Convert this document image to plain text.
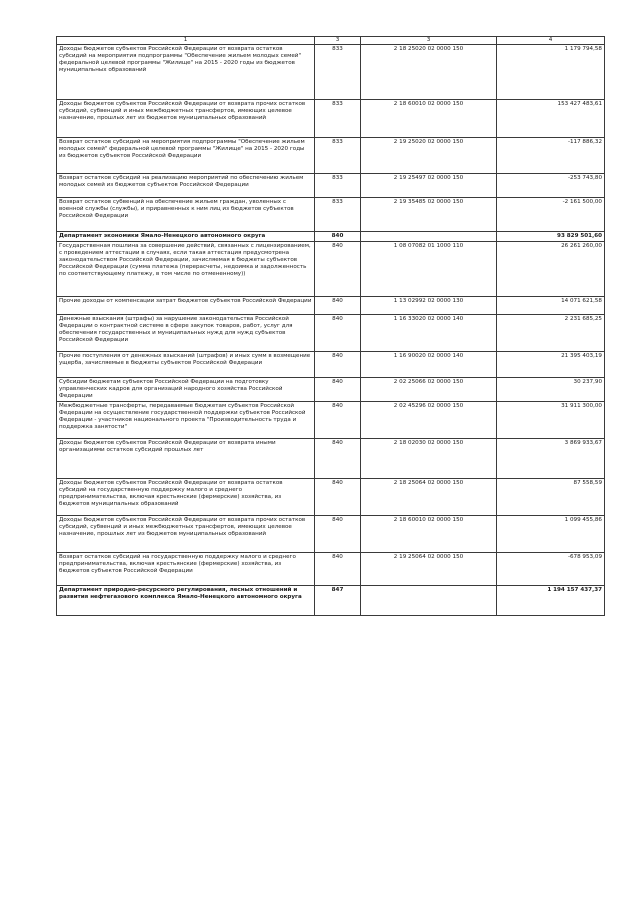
1	3	3	4
Доходы бюджетов субъектов Российской Федерации от возврата остатков субсидий на мероприятия подпрограммы "Обеспечение жильем молодых семей" федеральной целевой программы "Жилище" на 2015 - 2020 годы из бюджетов муниципальных образований	833	2 18 25020 02 0000 150	1 179 794,58
Доходы бюджетов субъектов Российской Федерации от возврата прочих остатков субсидий, субвенций и иных межбюджетных трансфертов, имеющих целевое назначение, прошлых лет из бюджетов муниципальных образований	833	2 18 60010 02 0000 150	153 427 483,61
Возврат остатков субсидий на мероприятия подпрограммы "Обеспечение жильем молодых семей" федеральной целевой программы "Жилище" на 2015 - 2020 годы из бюджетов субъектов Российской Федерации	833	2 19 25020 02 0000 150	-117 886,32
Возврат остатков субсидий на реализацию мероприятий по обеспечению жильем молодых семей из бюджетов субъектов Российской Федерации	833	2 19 25497 02 0000 150	-253 743,80
Возврат остатков субвенций на обеспечение жильем граждан, уволенных с военной службы (службы), и приравненных к ним лиц из бюджетов субъектов Российской Федерации	833	2 19 35485 02 0000 150	-2 161 500,00
Департамент экономики Ямало-Ненецкого автономного округа	840		93 829 501,60
Государственная пошлина за совершение действий, связанных с лицензированием, с проведением аттестации в случаях, если такая аттестация предусмотрена законодательством Российской Федерации, зачисляемая в бюджеты субъектов Российской Федерации (сумма платежа (перерасчеты, недоимка и задолженность по соответствующему платежу, в том числе по отмененному))	840	1 08 07082 01 1000 110	26 261 260,00
Прочие доходы от компенсации затрат бюджетов субъектов Российской Федерации	840	1 13 02992 02 0000 130	14 071 621,58
Денежные взыскания (штрафы) за нарушение законодательства Российской Федерации о контрактной системе в сфере закупок товаров, работ, услуг для обеспечения государственных и муниципальных нужд для нужд субъектов Российской Федерации	840	1 16 33020 02 0000 140	2 231 685,25
Прочие поступления от денежных взысканий (штрафов) и иных сумм в возмещение ущерба, зачисляемые в бюджеты субъектов Российской Федерации	840	1 16 90020 02 0000 140	21 395 403,19
Субсидии бюджетам субъектов Российской Федерации на подготовку управленческих кадров для организаций народного хозяйства Российской Федерации	840	2 02 25066 02 0000 150	30 237,90
Межбюджетные трансферты, передаваемые бюджетам субъектов Российской Федерации на осуществление государственной поддержки субъектов Российской Федерации - участников национального проекта "Производительность труда и поддержка занятости"	840	2 02 45296 02 0000 150	31 911 300,00
Доходы бюджетов субъектов Российской Федерации от возврата иными организациями остатков субсидий прошлых лет	840	2 18 02030 02 0000 150	3 869 933,67
Доходы бюджетов субъектов Российской Федерации от возврата остатков субсидий на государственную поддержку малого и среднего предпринимательства, включая крестьянские (фермерские) хозяйства, из бюджетов муниципальных образований	840	2 18 25064 02 0000 150	87 558,59
Доходы бюджетов субъектов Российской Федерации от возврата прочих остатков субсидий, субвенций и иных межбюджетных трансфертов, имеющих целевое назначение, прошлых лет из бюджетов муниципальных образований	840	2 18 60010 02 0000 150	1 099 455,86
Возврат остатков субсидий на государственную поддержку малого и среднего предпринимательства, включая крестьянские (фермерские) хозяйства, из бюджетов субъектов Российской Федерации	840	2 19 25064 02 0000 150	-678 953,09
Департамент природно-ресурсного регулирования, лесных отношений и развития нефтегазового комплекса Ямало-Ненецкого автономного округа	847		1 194 157 437,37
